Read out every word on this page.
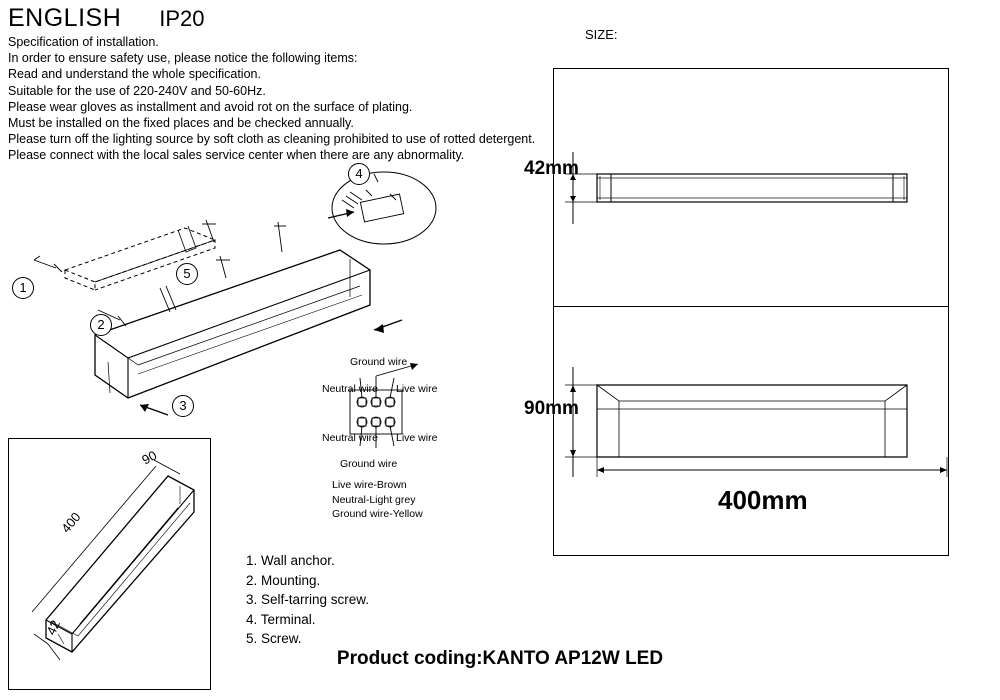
ENGLISH IP20
Specification of installation.
In order to ensure safety use, please notice the following items:
Read and understand the whole specification.
Suitable for the use of 220-240V and 50-60Hz.
Please wear gloves as installment and avoid rot on the surface of plating.
Must be installed on the fixed places and be checked annually.
Please turn off the lighting source by soft cloth as cleaning prohibited to use of rotted detergent.
Please connect with the local sales service center when there are any abnormality.
SIZE:
42mm
90mm
400mm
1
2
3
4
5
Ground wire
Neutral wire Live wire
Neutral wire Live wire
Ground wire
Live wire-Brown
Neutral-Light grey
Ground wire-Yellow
90
400
42
1. Wall anchor.
2. Mounting.
3. Self-tarring screw.
4. Terminal.
5. Screw.
Product coding:KANTO AP12W LED
